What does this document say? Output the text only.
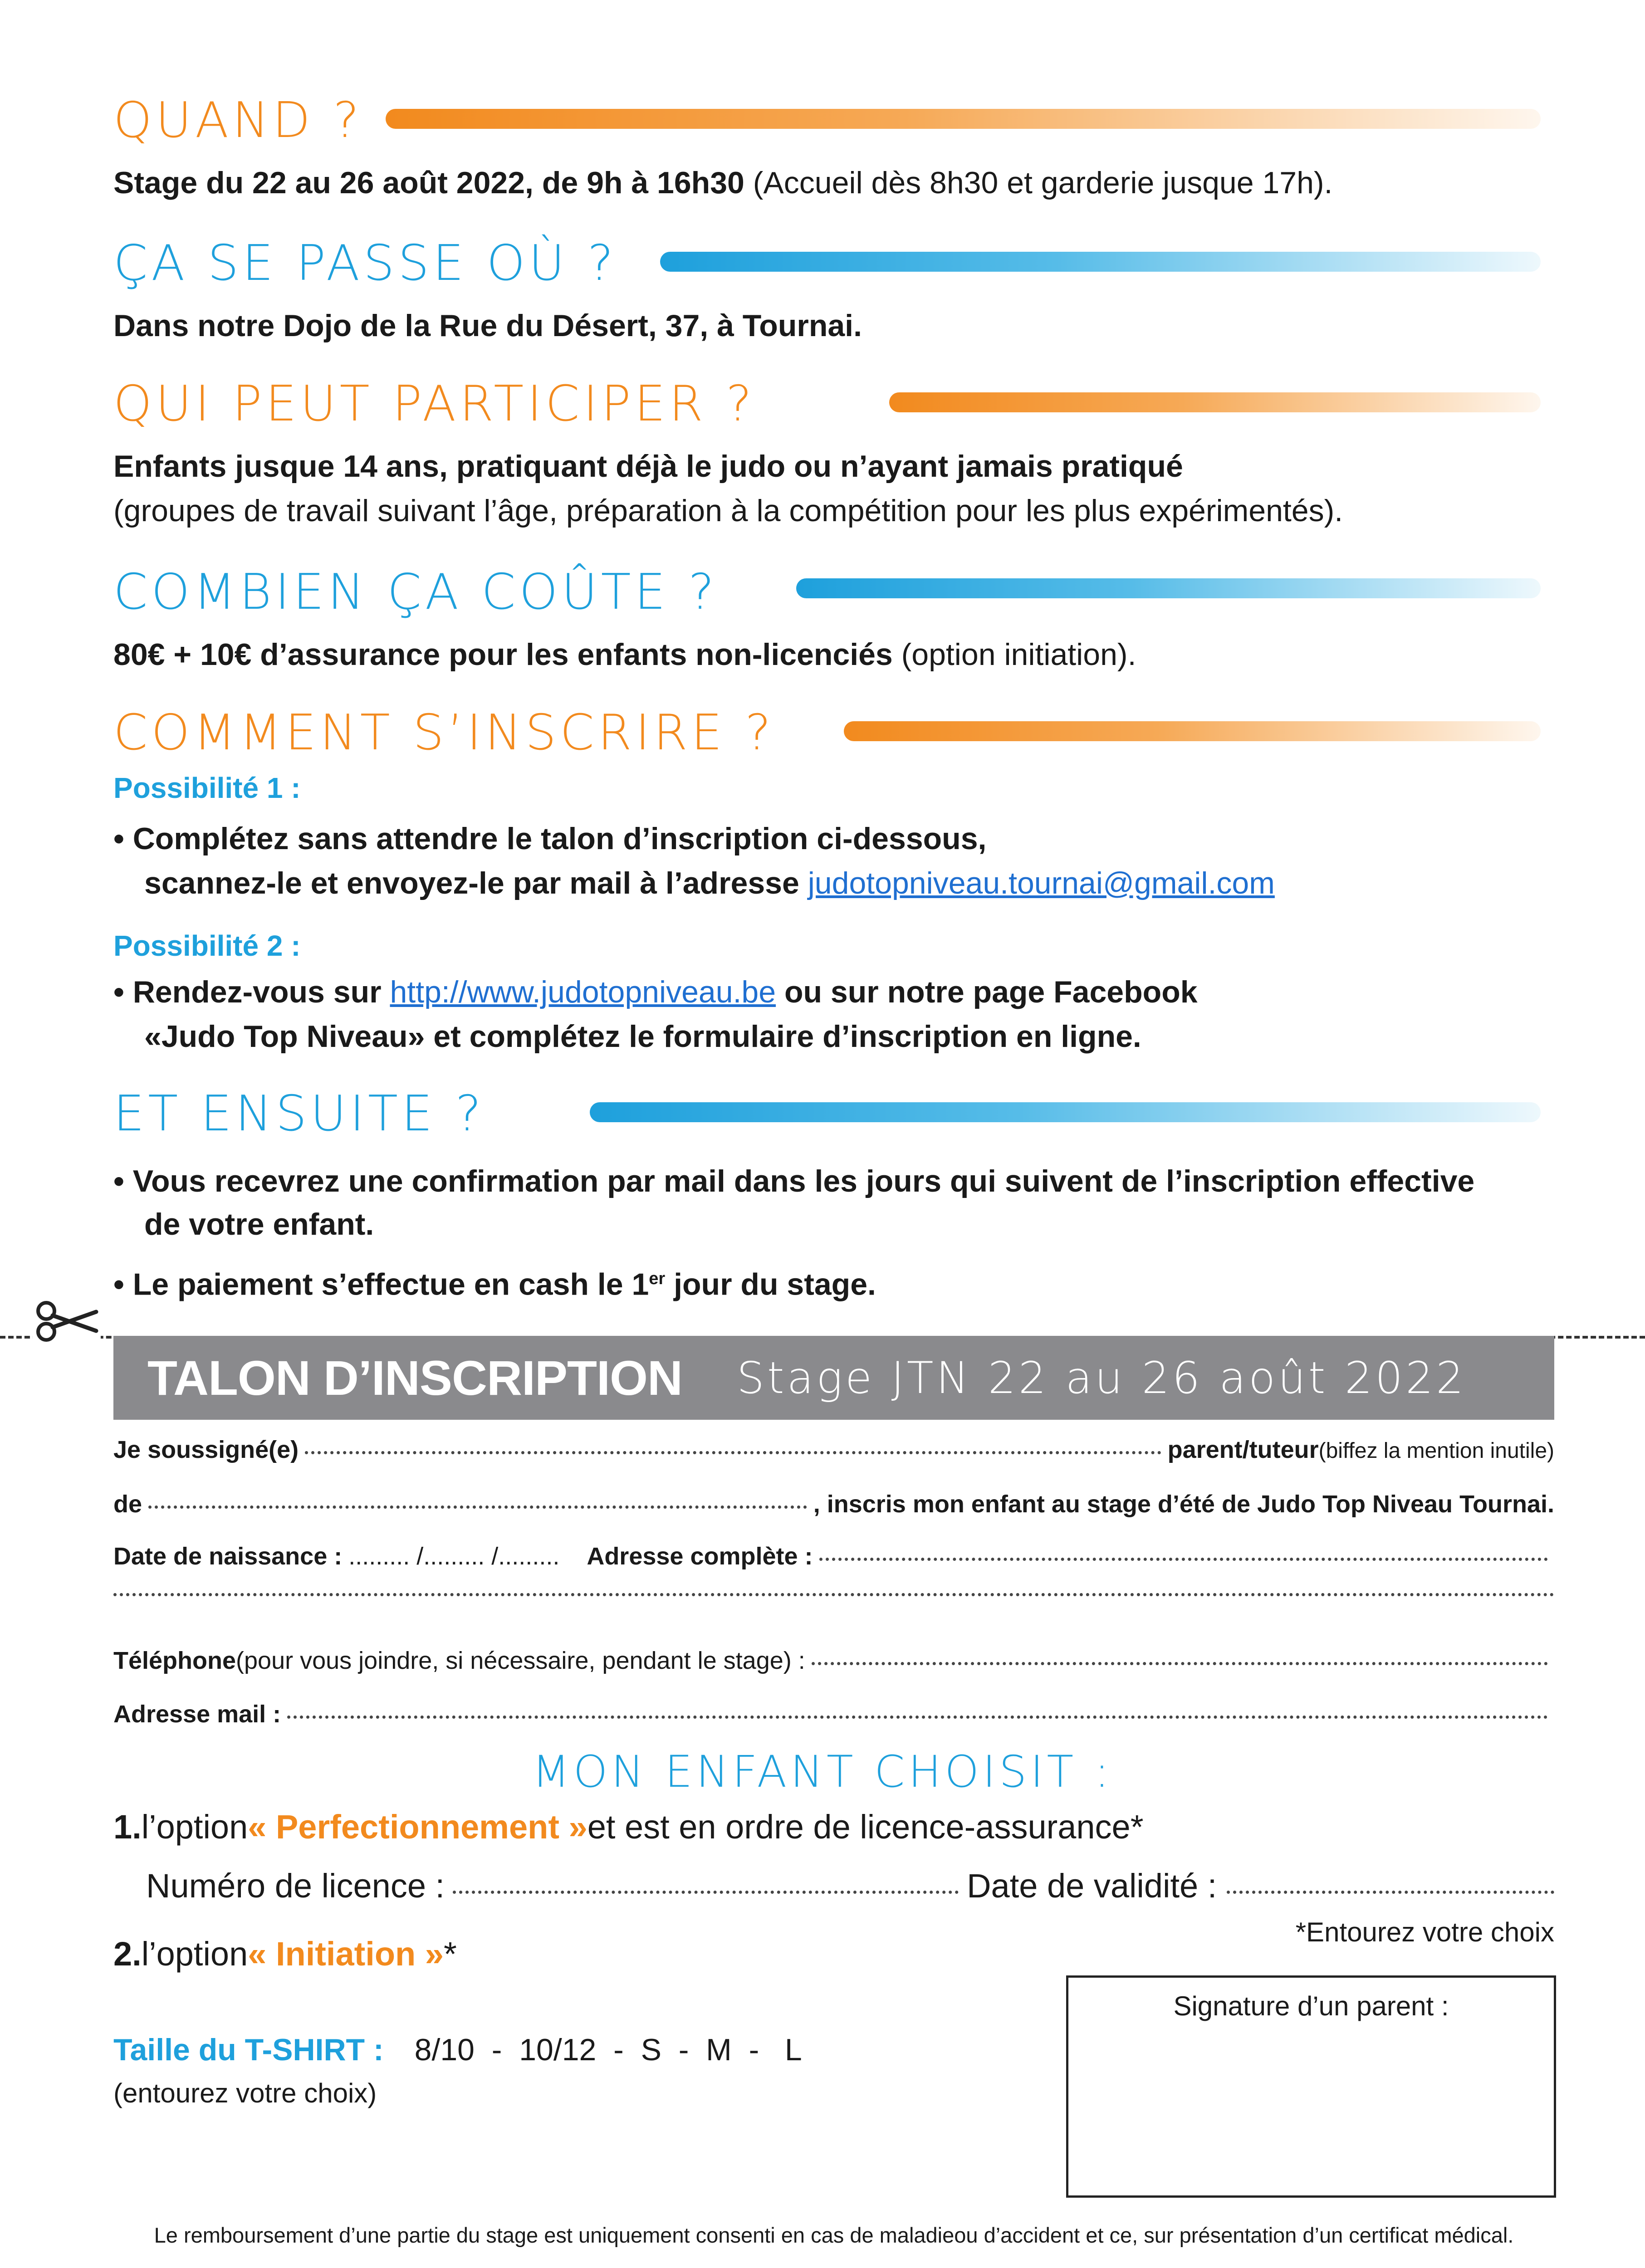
QUAND ?
Stage du 22 au 26 août 2022, de 9h à 16h30 (Accueil dès 8h30 et garderie jusque 17h).
ÇA SE PASSE OÙ ?
Dans notre Dojo de la Rue du Désert, 37, à Tournai.
QUI PEUT PARTICIPER ?
Enfants jusque 14 ans, pratiquant déjà le judo ou n’ayant jamais pratiqué
(groupes de travail suivant l’âge, préparation à la compétition pour les plus expérimentés).
COMBIEN ÇA COÛTE ?
80€ + 10€ d’assurance pour les enfants non-licenciés (option initiation).
COMMENT S’INSCRIRE ?
Possibilité 1 :
• Complétez sans attendre le talon d’inscription ci-dessous,
scannez-le et envoyez-le par mail à l’adresse judotopniveau.tournai@gmail.com
Possibilité 2 :
• Rendez-vous sur http://www.judotopniveau.be ou sur notre page Facebook
«Judo Top Niveau» et complétez le formulaire d’inscription en ligne.
ET ENSUITE ?
• Vous recevrez une confirmation par mail dans les jours qui suivent de l’inscription effective
de votre enfant.
• Le paiement s’effectue en cash le 1er jour du stage.
TALON D’INSCRIPTION Stage JTN 22 au 26 août 2022
Je soussigné(e)	parent/tuteur (biffez la mention inutile)
de	, inscris mon enfant au stage d’été de Judo Top Niveau Tournai.
Date de naissance : ......... /......... /......... Adresse complète :
Téléphone (pour vous joindre, si nécessaire, pendant le stage) :
Adresse mail :
MON ENFANT CHOISIT :
1. l’option « Perfectionnement » et est en ordre de licence-assurance*
Numéro de licence :	Date de validité :
*Entourez votre choix
2. l’option « Initiation » *
Taille du T-SHIRT : 8/10  -  10/12  -  S  -  M  -   L
(entourez votre choix)
Signature d’un parent :
Le remboursement d’une partie du stage est uniquement consenti en cas de maladieou d’accident et ce, sur présentation d’un certificat médical.
